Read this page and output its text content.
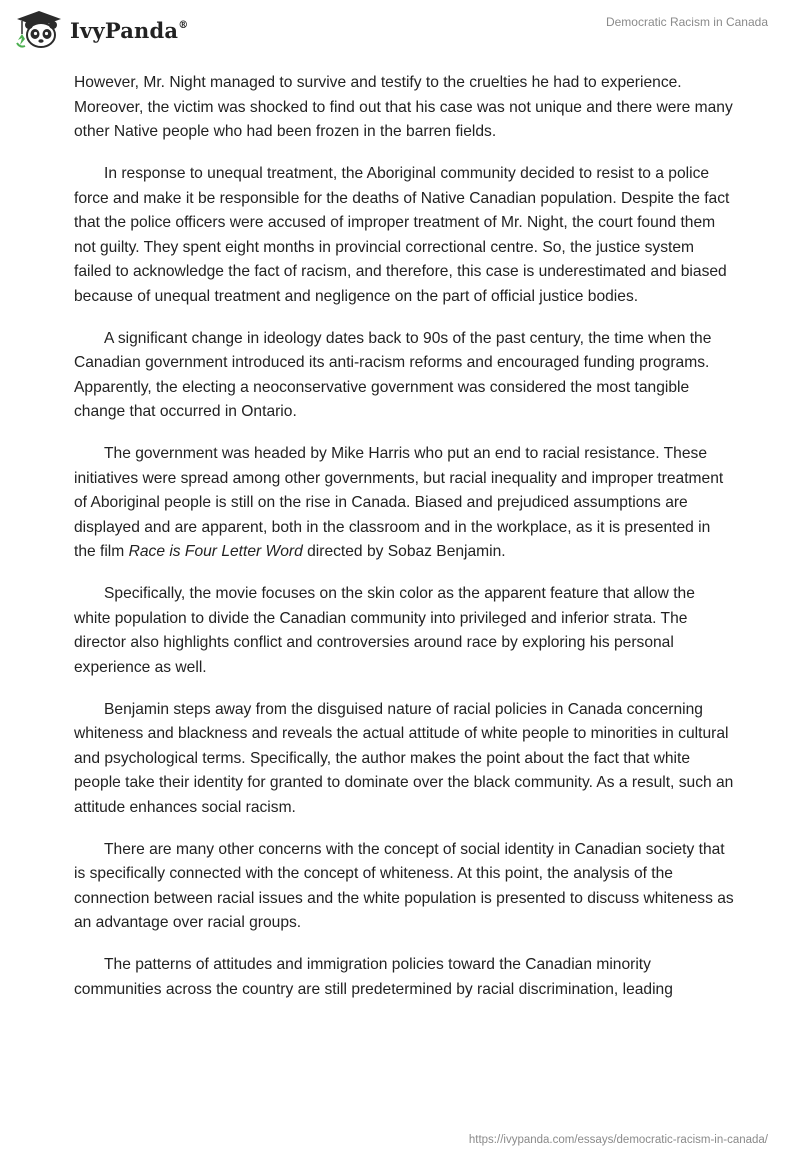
IvyPanda®	Democratic Racism in Canada

However, Mr. Night managed to survive and testify to the cruelties he had to experience. Moreover, the victim was shocked to find out that his case was not unique and there were many other Native people who had been frozen in the barren fields.

In response to unequal treatment, the Aboriginal community decided to resist to a police force and make it be responsible for the deaths of Native Canadian population. Despite the fact that the police officers were accused of improper treatment of Mr. Night, the court found them not guilty. They spent eight months in provincial correctional centre. So, the justice system failed to acknowledge the fact of racism, and therefore, this case is underestimated and biased because of unequal treatment and negligence on the part of official justice bodies.

A significant change in ideology dates back to 90s of the past century, the time when the Canadian government introduced its anti-racism reforms and encouraged funding programs. Apparently, the electing a neoconservative government was considered the most tangible change that occurred in Ontario.

The government was headed by Mike Harris who put an end to racial resistance. These initiatives were spread among other governments, but racial inequality and improper treatment of Aboriginal people is still on the rise in Canada. Biased and prejudiced assumptions are displayed and are apparent, both in the classroom and in the workplace, as it is presented in the film Race is Four Letter Word directed by Sobaz Benjamin.

Specifically, the movie focuses on the skin color as the apparent feature that allow the white population to divide the Canadian community into privileged and inferior strata. The director also highlights conflict and controversies around race by exploring his personal experience as well.

Benjamin steps away from the disguised nature of racial policies in Canada concerning whiteness and blackness and reveals the actual attitude of white people to minorities in cultural and psychological terms. Specifically, the author makes the point about the fact that white people take their identity for granted to dominate over the black community. As a result, such an attitude enhances social racism.

There are many other concerns with the concept of social identity in Canadian society that is specifically connected with the concept of whiteness. At this point, the analysis of the connection between racial issues and the white population is presented to discuss whiteness as an advantage over racial groups.

The patterns of attitudes and immigration policies toward the Canadian minority communities across the country are still predetermined by racial discrimination, leading

https://ivypanda.com/essays/democratic-racism-in-canada/
